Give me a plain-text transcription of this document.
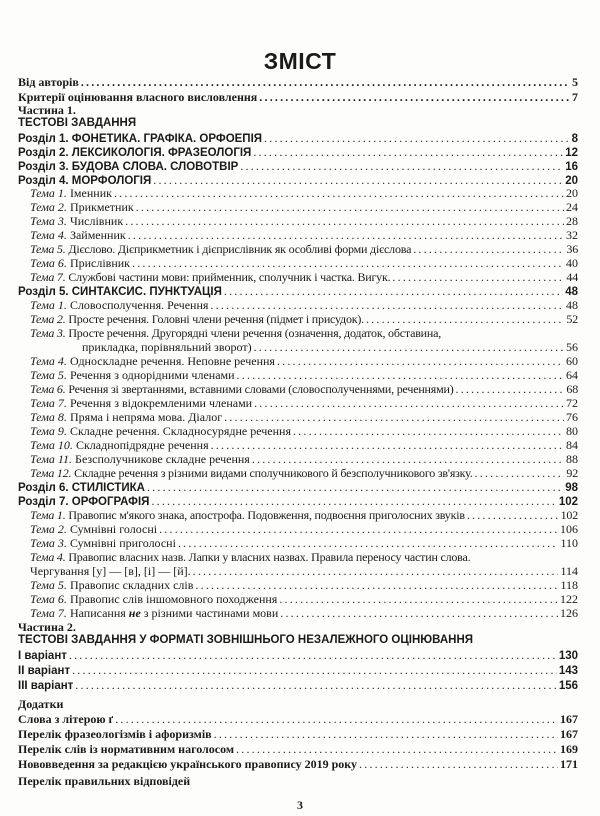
ЗМІСТ
Від авторів . . .	5
Критерії оцінювання власного висловлення . . .	7
Частина 1.
ТЕСТОВІ ЗАВДАННЯ
Розділ 1. ФОНЕТИКА. ГРАФІКА. ОРФОЕПІЯ . . .	8
Розділ 2. ЛЕКСИКОЛОГІЯ. ФРАЗЕОЛОГІЯ . . .	12
Розділ 3. БУДОВА СЛОВА. СЛОВОТВІР . . .	16
Розділ 4. МОРФОЛОГІЯ . . .	20
Тема 1. Іменник . . .	20
Тема 2. Прикметник . . .	24
Тема 3. Числівник . . .	28
Тема 4. Займенник . . .	32
Тема 5. Дієслово. Дієприкметник і дієприслівник як особливі форми дієслова . . .	36
Тема 6. Прислівник . . .	40
Тема 7. Службові частини мови: прийменник, сполучник і частка. Вигук. . . .	44
Розділ 5. СИНТАКСИС. ПУНКТУАЦІЯ . . .	48
Тема 1. Словосполучення. Речення . . .	48
Тема 2. Просте речення. Головні члени речення (підмет і присудок). . . .	52
Тема 3. Просте речення. Другорядні члени речення (означення, додаток, обставина,
прикладка, порівняльний зворот) . . .	56
Тема 4. Односкладне речення. Неповне речення . . .	60
Тема 5. Речення з однорідними членами . . .	64
Тема 6. Речення зі звертаннями, вставними словами (словосполученнями, реченнями) . . .	68
Тема 7. Речення з відокремленими членами . . .	72
Тема 8. Пряма і непряма мова. Діалог . . .	76
Тема 9. Складне речення. Складносурядне речення . . .	80
Тема 10. Складнопідрядне речення . . .	84
Тема 11. Безсполучникове складне речення . . .	88
Тема 12. Складне речення з різними видами сполучникового й безсполучникового зв'язку. . . .	92
Розділ 6. СТИЛІСТИКА . . .	98
Розділ 7. ОРФОГРАФІЯ . . .	102
Тема 1. Правопис м'якого знака, апострофа. Подовження, подвоєння приголосних звуків . . .	102
Тема 2. Сумнівні голосні . . .	106
Тема 3. Сумнівні приголосні . . .	110
Тема 4. Правопис власних назв. Лапки у власних назвах. Правила переносу частин слова.
Чергування [у] — [в], [і] — [й]. . . .	114
Тема 5. Правопис складних слів . . .	118
Тема 6. Правопис слів іншомовного походження . . .	122
Тема 7. Написання не з різними частинами мови . . .	126
Частина 2.
ТЕСТОВІ ЗАВДАННЯ У ФОРМАТІ ЗОВНІШНЬОГО НЕЗАЛЕЖНОГО ОЦІНЮВАННЯ
І варіант . . .	130
ІІ варіант . . .	143
ІІІ варіант . . .	156
Додатки
Слова з літерою ґ . . .	167
Перелік фразеологізмів і афоризмів . . .	167
Перелік слів із нормативним наголосом . . .	169
Нововведення за редакцією українського правопису 2019 року . . .	171
Перелік правильних відповідей
3
